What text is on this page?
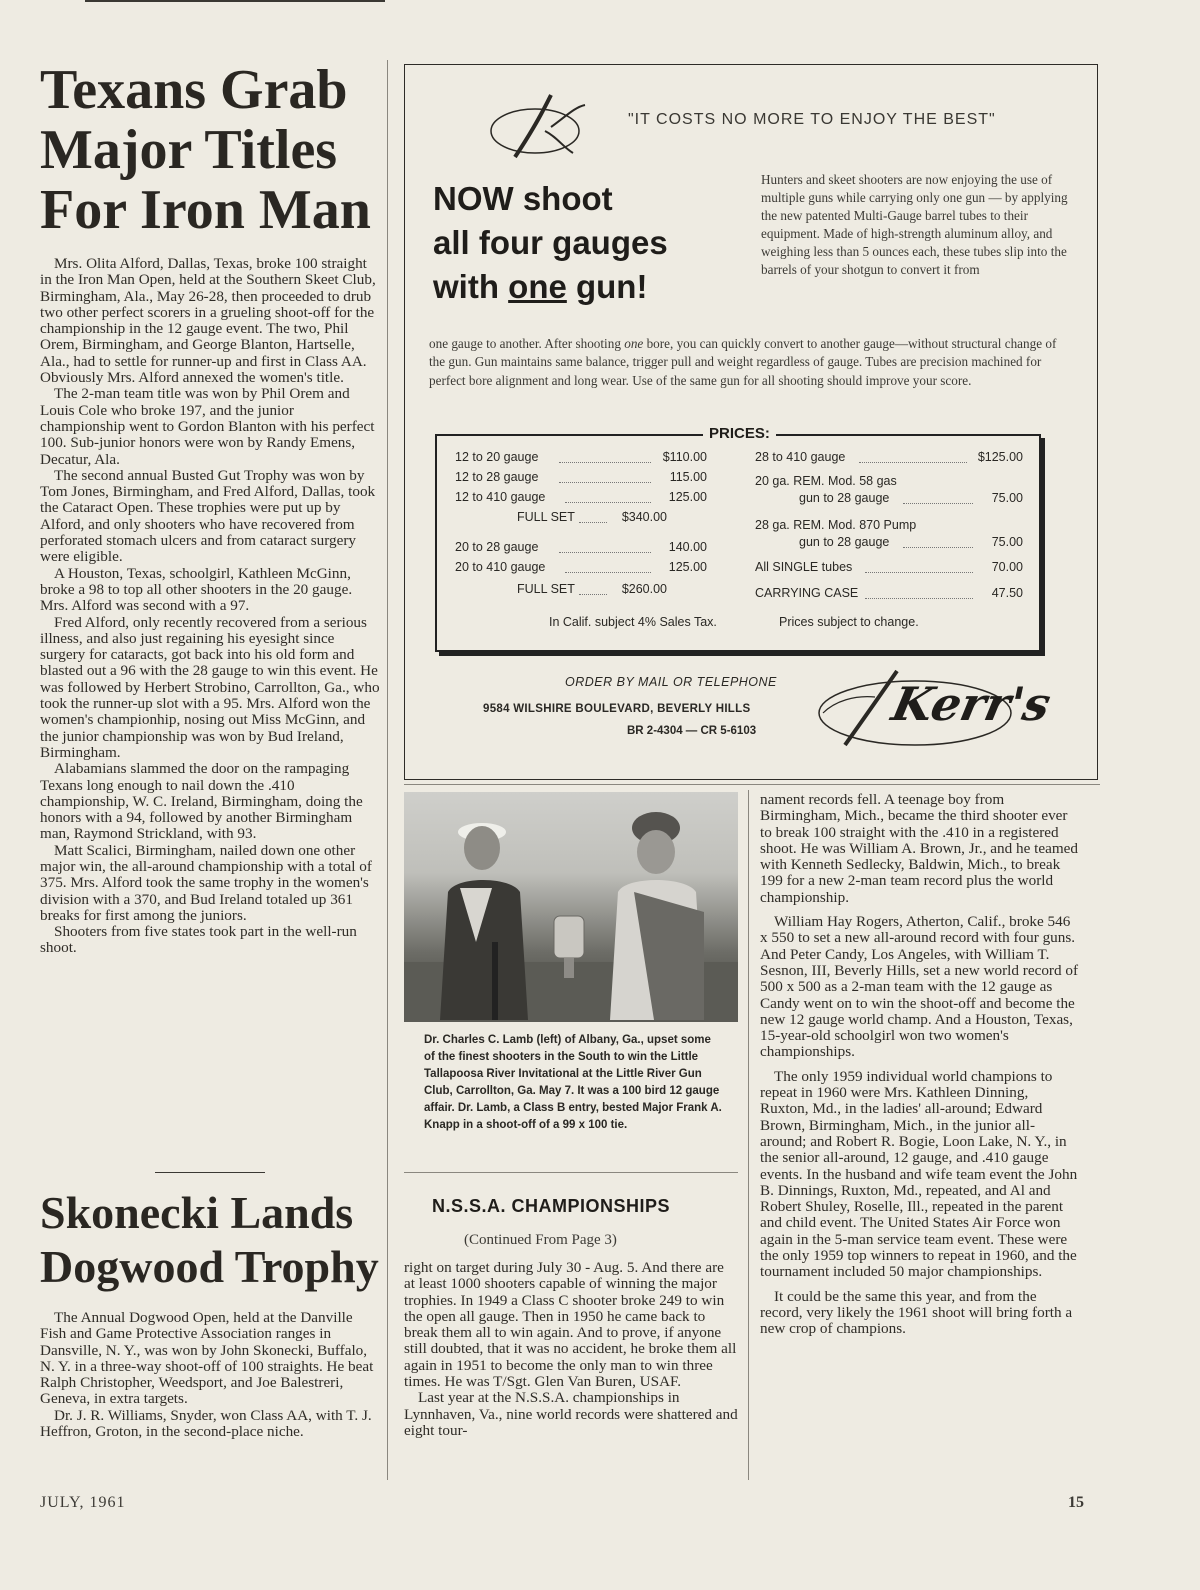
Texans Grab
Major Titles
For Iron Man

Mrs. Olita Alford, Dallas, Texas, broke 100 straight in the Iron Man Open, held at the Southern Skeet Club, Birmingham, Ala., May 26-28, then proceeded to drub two other perfect scorers in a grueling shoot-off for the championship in the 12 gauge event. The two, Phil Orem, Birmingham, and George Blanton, Hartselle, Ala., had to settle for runner-up and first in Class AA. Obviously Mrs. Alford annexed the women's title.

The 2-man team title was won by Phil Orem and Louis Cole who broke 197, and the junior championship went to Gordon Blanton with his perfect 100. Sub-junior honors were won by Randy Emens, Decatur, Ala.

The second annual Busted Gut Trophy was won by Tom Jones, Birmingham, and Fred Alford, Dallas, took the Cataract Open. These trophies were put up by Alford, and only shooters who have recovered from perforated stomach ulcers and from cataract surgery were eligible.

A Houston, Texas, schoolgirl, Kathleen McGinn, broke a 98 to top all other shooters in the 20 gauge. Mrs. Alford was second with a 97.

Fred Alford, only recently recovered from a serious illness, and also just regaining his eyesight since surgery for cataracts, got back into his old form and blasted out a 96 with the 28 gauge to win this event. He was followed by Herbert Strobino, Carrollton, Ga., who took the runner-up slot with a 95. Mrs. Alford won the women's championhip, nosing out Miss McGinn, and the junior championship was won by Bud Ireland, Birmingham.

Alabamians slammed the door on the rampaging Texans long enough to nail down the .410 championship, W. C. Ireland, Birmingham, doing the honors with a 94, followed by another Birmingham man, Raymond Strickland, with 93.

Matt Scalici, Birmingham, nailed down one other major win, the all-around championship with a total of 375. Mrs. Alford took the same trophy in the women's division with a 370, and Bud Ireland totaled up 361 breaks for first among the juniors.

Shooters from five states took part in the well-run shoot.

Skonecki Lands
Dogwood Trophy

The Annual Dogwood Open, held at the Danville Fish and Game Protective Association ranges in Dansville, N. Y., was won by John Skonecki, Buffalo, N. Y. in a three-way shoot-off of 100 straights. He beat Ralph Christopher, Weedsport, and Joe Balestreri, Geneva, in extra targets.

Dr. J. R. Williams, Snyder, won Class AA, with T. J. Heffron, Groton, in the second-place niche.

"IT COSTS NO MORE TO ENJOY THE BEST"
NOW shoot
all four gauges
with one gun!
Hunters and skeet shooters are now enjoying the use of multiple guns while carrying only one gun — by applying the new patented Multi-Gauge barrel tubes to their equipment. Made of high-strength aluminum alloy, and weighing less than 5 ounces each, these tubes slip into the barrels of your shotgun to convert it from
one gauge to another. After shooting one bore, you can quickly convert to another gauge—without structural change of the gun. Gun maintains same balance, trigger pull and weight regardless of gauge. Tubes are precision machined for perfect bore alignment and long wear. Use of the same gun for all shooting should improve your score.
PRICES:
12 to 20 gauge	$110.00
12 to 28 gauge	115.00
12 to 410 gauge	125.00
FULL SET	$340.00
20 to 28 gauge	140.00
20 to 410 gauge	125.00
FULL SET	$260.00
28 to 410 gauge	$125.00
20 ga. REM. Mod. 58 gas
gun to 28 gauge	75.00
28 ga. REM. Mod. 870 Pump
gun to 28 gauge	75.00
All SINGLE tubes	70.00
CARRYING CASE	47.50
In Calif. subject 4% Sales Tax.	Prices subject to change.
ORDER BY MAIL OR TELEPHONE
9584 WILSHIRE BOULEVARD, BEVERLY HILLS
BR 2-4304 — CR 5-6103	Kerr's
Dr. Charles C. Lamb (left) of Albany, Ga., upset some of the finest shooters in the South to win the Little Tallapoosa River Invitational at the Little River Gun Club, Carrollton, Ga. May 7. It was a 100 bird 12 gauge affair. Dr. Lamb, a Class B entry, bested Major Frank A. Knapp in a shoot-off of a 99 x 100 tie.
N.S.S.A. CHAMPIONSHIPS
(Continued From Page 3)

right on target during July 30 - Aug. 5. And there are at least 1000 shooters capable of winning the major trophies. In 1949 a Class C shooter broke 249 to win the open all gauge. Then in 1950 he came back to break them all to win again. And to prove, if anyone still doubted, that it was no accident, he broke them all again in 1951 to become the only man to win three times. He was T/Sgt. Glen Van Buren, USAF.

Last year at the N.S.S.A. championships in Lynnhaven, Va., nine world records were shattered and eight tour-

nament records fell. A teenage boy from Birmingham, Mich., became the third shooter ever to break 100 straight with the .410 in a registered shoot. He was William A. Brown, Jr., and he teamed with Kenneth Sedlecky, Baldwin, Mich., to break 199 for a new 2-man team record plus the world championship.

William Hay Rogers, Atherton, Calif., broke 546 x 550 to set a new all-around record with four guns. And Peter Candy, Los Angeles, with William T. Sesnon, III, Beverly Hills, set a new world record of 500 x 500 as a 2-man team with the 12 gauge as Candy went on to win the shoot-off and become the new 12 gauge world champ. And a Houston, Texas, 15-year-old schoolgirl won two women's championships.

The only 1959 individual world champions to repeat in 1960 were Mrs. Kathleen Dinning, Ruxton, Md., in the ladies' all-around; Edward Brown, Birmingham, Mich., in the junior all-around; and Robert R. Bogie, Loon Lake, N. Y., in the senior all-around, 12 gauge, and .410 gauge events. In the husband and wife team event the John B. Dinnings, Ruxton, Md., repeated, and Al and Robert Shuley, Roselle, Ill., repeated in the parent and child event. The United States Air Force won again in the 5-man service team event. These were the only 1959 top winners to repeat in 1960, and the tournament included 50 major championships.

It could be the same this year, and from the record, very likely the 1961 shoot will bring forth a new crop of champions.

JULY, 1961	15
